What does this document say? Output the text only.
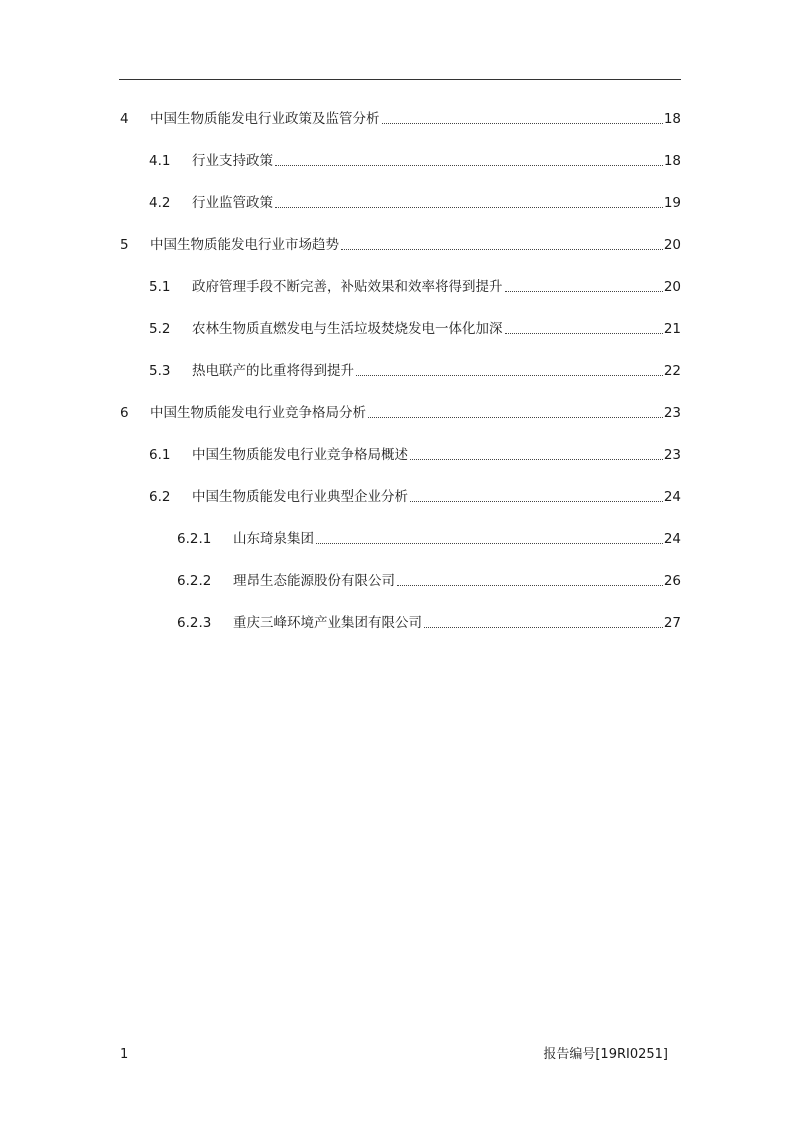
4	中国生物质能发电行业政策及监管分析	18
4.1	行业支持政策	18
4.2	行业监管政策	19
5	中国生物质能发电行业市场趋势	20
5.1	政府管理手段不断完善，补贴效果和效率将得到提升	20
5.2	农林生物质直燃发电与生活垃圾焚烧发电一体化加深	21
5.3	热电联产的比重将得到提升	22
6	中国生物质能发电行业竞争格局分析	23
6.1	中国生物质能发电行业竞争格局概述	23
6.2	中国生物质能发电行业典型企业分析	24
6.2.1	山东琦泉集团	24
6.2.2	理昂生态能源股份有限公司	26
6.2.3	重庆三峰环境产业集团有限公司	27
1	报告编号[19RI0251]
